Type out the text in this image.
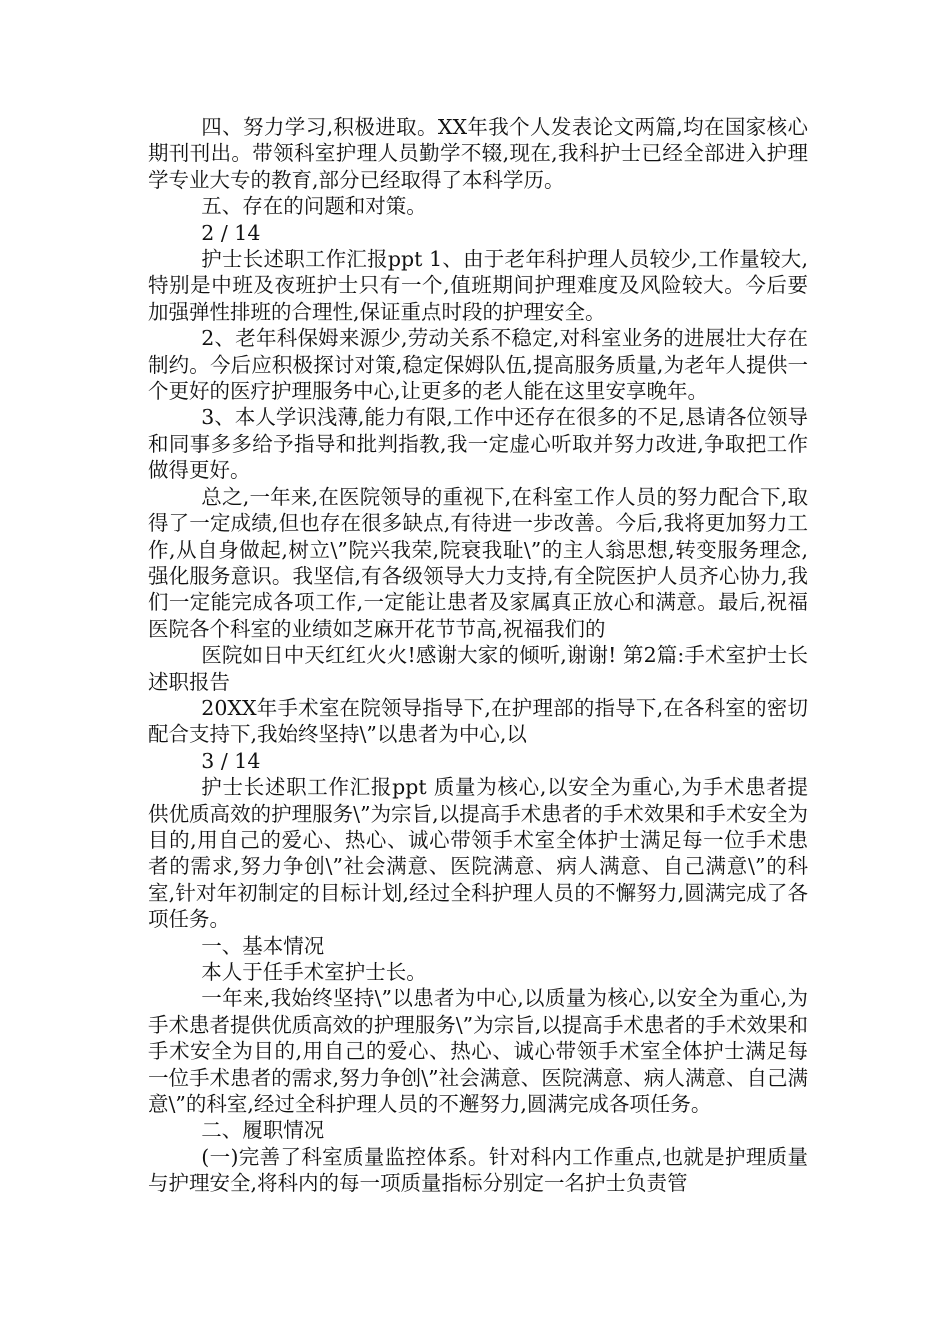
四、努力学习,积极进取。XX年我个人发表论文两篇,均在国家核心期刊刊出。带领科室护理人员勤学不辍,现在,我科护士已经全部进入护理学专业大专的教育,部分已经取得了本科学历。

五、存在的问题和对策。

2 / 14

护士长述职工作汇报ppt 1、由于老年科护理人员较少,工作量较大,特别是中班及夜班护士只有一个,值班期间护理难度及风险较大。今后要加强弹性排班的合理性,保证重点时段的护理安全。

2、老年科保姆来源少,劳动关系不稳定,对科室业务的进展壮大存在制约。今后应积极探讨对策,稳定保姆队伍,提高服务质量,为老年人提供一个更好的医疗护理服务中心,让更多的老人能在这里安享晚年。

3、本人学识浅薄,能力有限,工作中还存在很多的不足,恳请各位领导和同事多多给予指导和批判指教,我一定虚心听取并努力改进,争取把工作做得更好。

总之,一年来,在医院领导的重视下,在科室工作人员的努力配合下,取得了一定成绩,但也存在很多缺点,有待进一步改善。今后,我将更加努力工作,从自身做起,树立\”院兴我荣,院衰我耻\”的主人翁思想,转变服务理念,强化服务意识。我坚信,有各级领导大力支持,有全院医护人员齐心协力,我们一定能完成各项工作,一定能让患者及家属真正放心和满意。最后,祝福医院各个科室的业绩如芝麻开花节节高,祝福我们的

医院如日中天红红火火!感谢大家的倾听,谢谢! 第2篇:手术室护士长述职报告

20XX年手术室在院领导指导下,在护理部的指导下,在各科室的密切配合支持下,我始终坚持\”以患者为中心,以

3 / 14

护士长述职工作汇报ppt 质量为核心,以安全为重心,为手术患者提供优质高效的护理服务\”为宗旨,以提高手术患者的手术效果和手术安全为目的,用自己的爱心、热心、诚心带领手术室全体护士满足每一位手术患者的需求,努力争创\”社会满意、医院满意、病人满意、自己满意\”的科室,针对年初制定的目标计划,经过全科护理人员的不懈努力,圆满完成了各项任务。

一、基本情况

本人于任手术室护士长。

一年来,我始终坚持\”以患者为中心,以质量为核心,以安全为重心,为手术患者提供优质高效的护理服务\”为宗旨,以提高手术患者的手术效果和手术安全为目的,用自己的爱心、热心、诚心带领手术室全体护士满足每一位手术患者的需求,努力争创\”社会满意、医院满意、病人满意、自己满意\”的科室,经过全科护理人员的不邂努力,圆满完成各项任务。

二、履职情况

(一)完善了科室质量监控体系。针对科内工作重点,也就是护理质量与护理安全,将科内的每一项质量指标分别定一名护士负责管
